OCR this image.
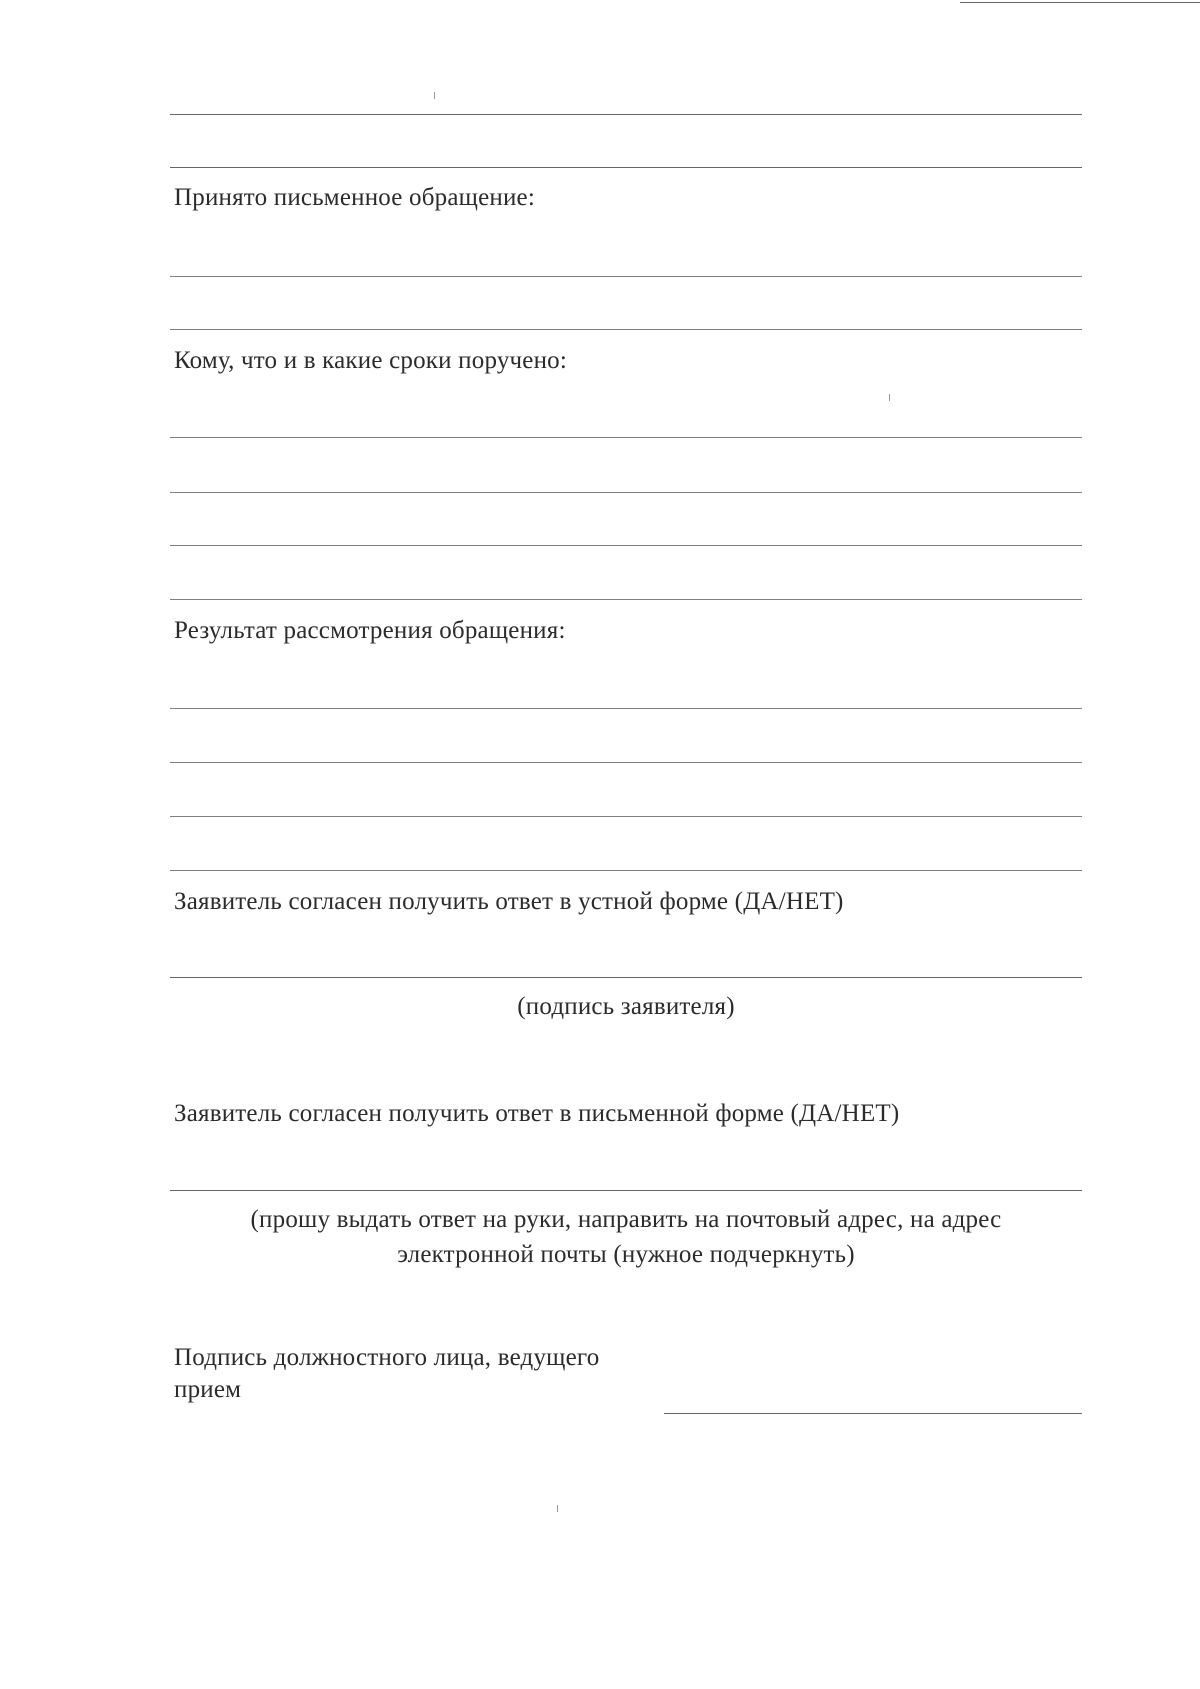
Принято письменное обращение:
Кому, что и в какие сроки поручено:
Результат рассмотрения обращения:
Заявитель согласен получить ответ в устной форме (ДА/НЕТ)
(подпись заявителя)
Заявитель согласен получить ответ в письменной форме (ДА/НЕТ)
(прошу выдать ответ на руки, направить на почтовый адрес, на адрес
электронной почты (нужное подчеркнуть)
Подпись должностного лица, ведущего
прием
